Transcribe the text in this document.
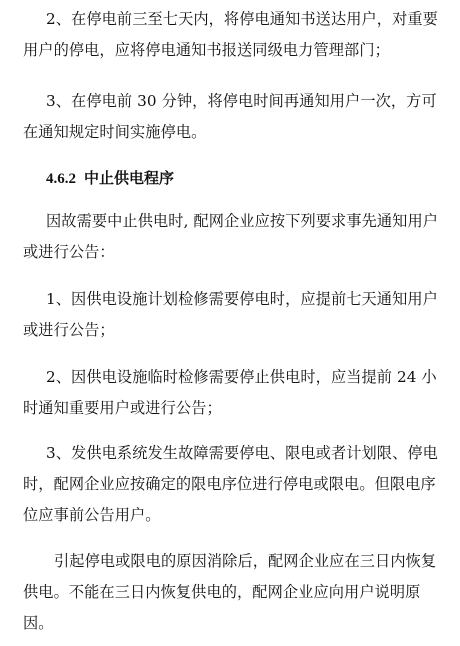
2、在停电前三至七天内，将停电通知书送达用户，对重要用户的停电，应将停电通知书报送同级电力管理部门；

3、在停电前 30 分钟，将停电时间再通知用户一次，方可在通知规定时间实施停电。

4.6.2 中止供电程序

因故需要中止供电时, 配网企业应按下列要求事先通知用户或进行公告：

1、因供电设施计划检修需要停电时，应提前七天通知用户或进行公告；

2、因供电设施临时检修需要停止供电时，应当提前 24 小时通知重要用户或进行公告；

3、发供电系统发生故障需要停电、限电或者计划限、停电时，配网企业应按确定的限电序位进行停电或限电。但限电序位应事前公告用户。

引起停电或限电的原因消除后，配网企业应在三日内恢复供电。不能在三日内恢复供电的，配网企业应向用户说明原因。
